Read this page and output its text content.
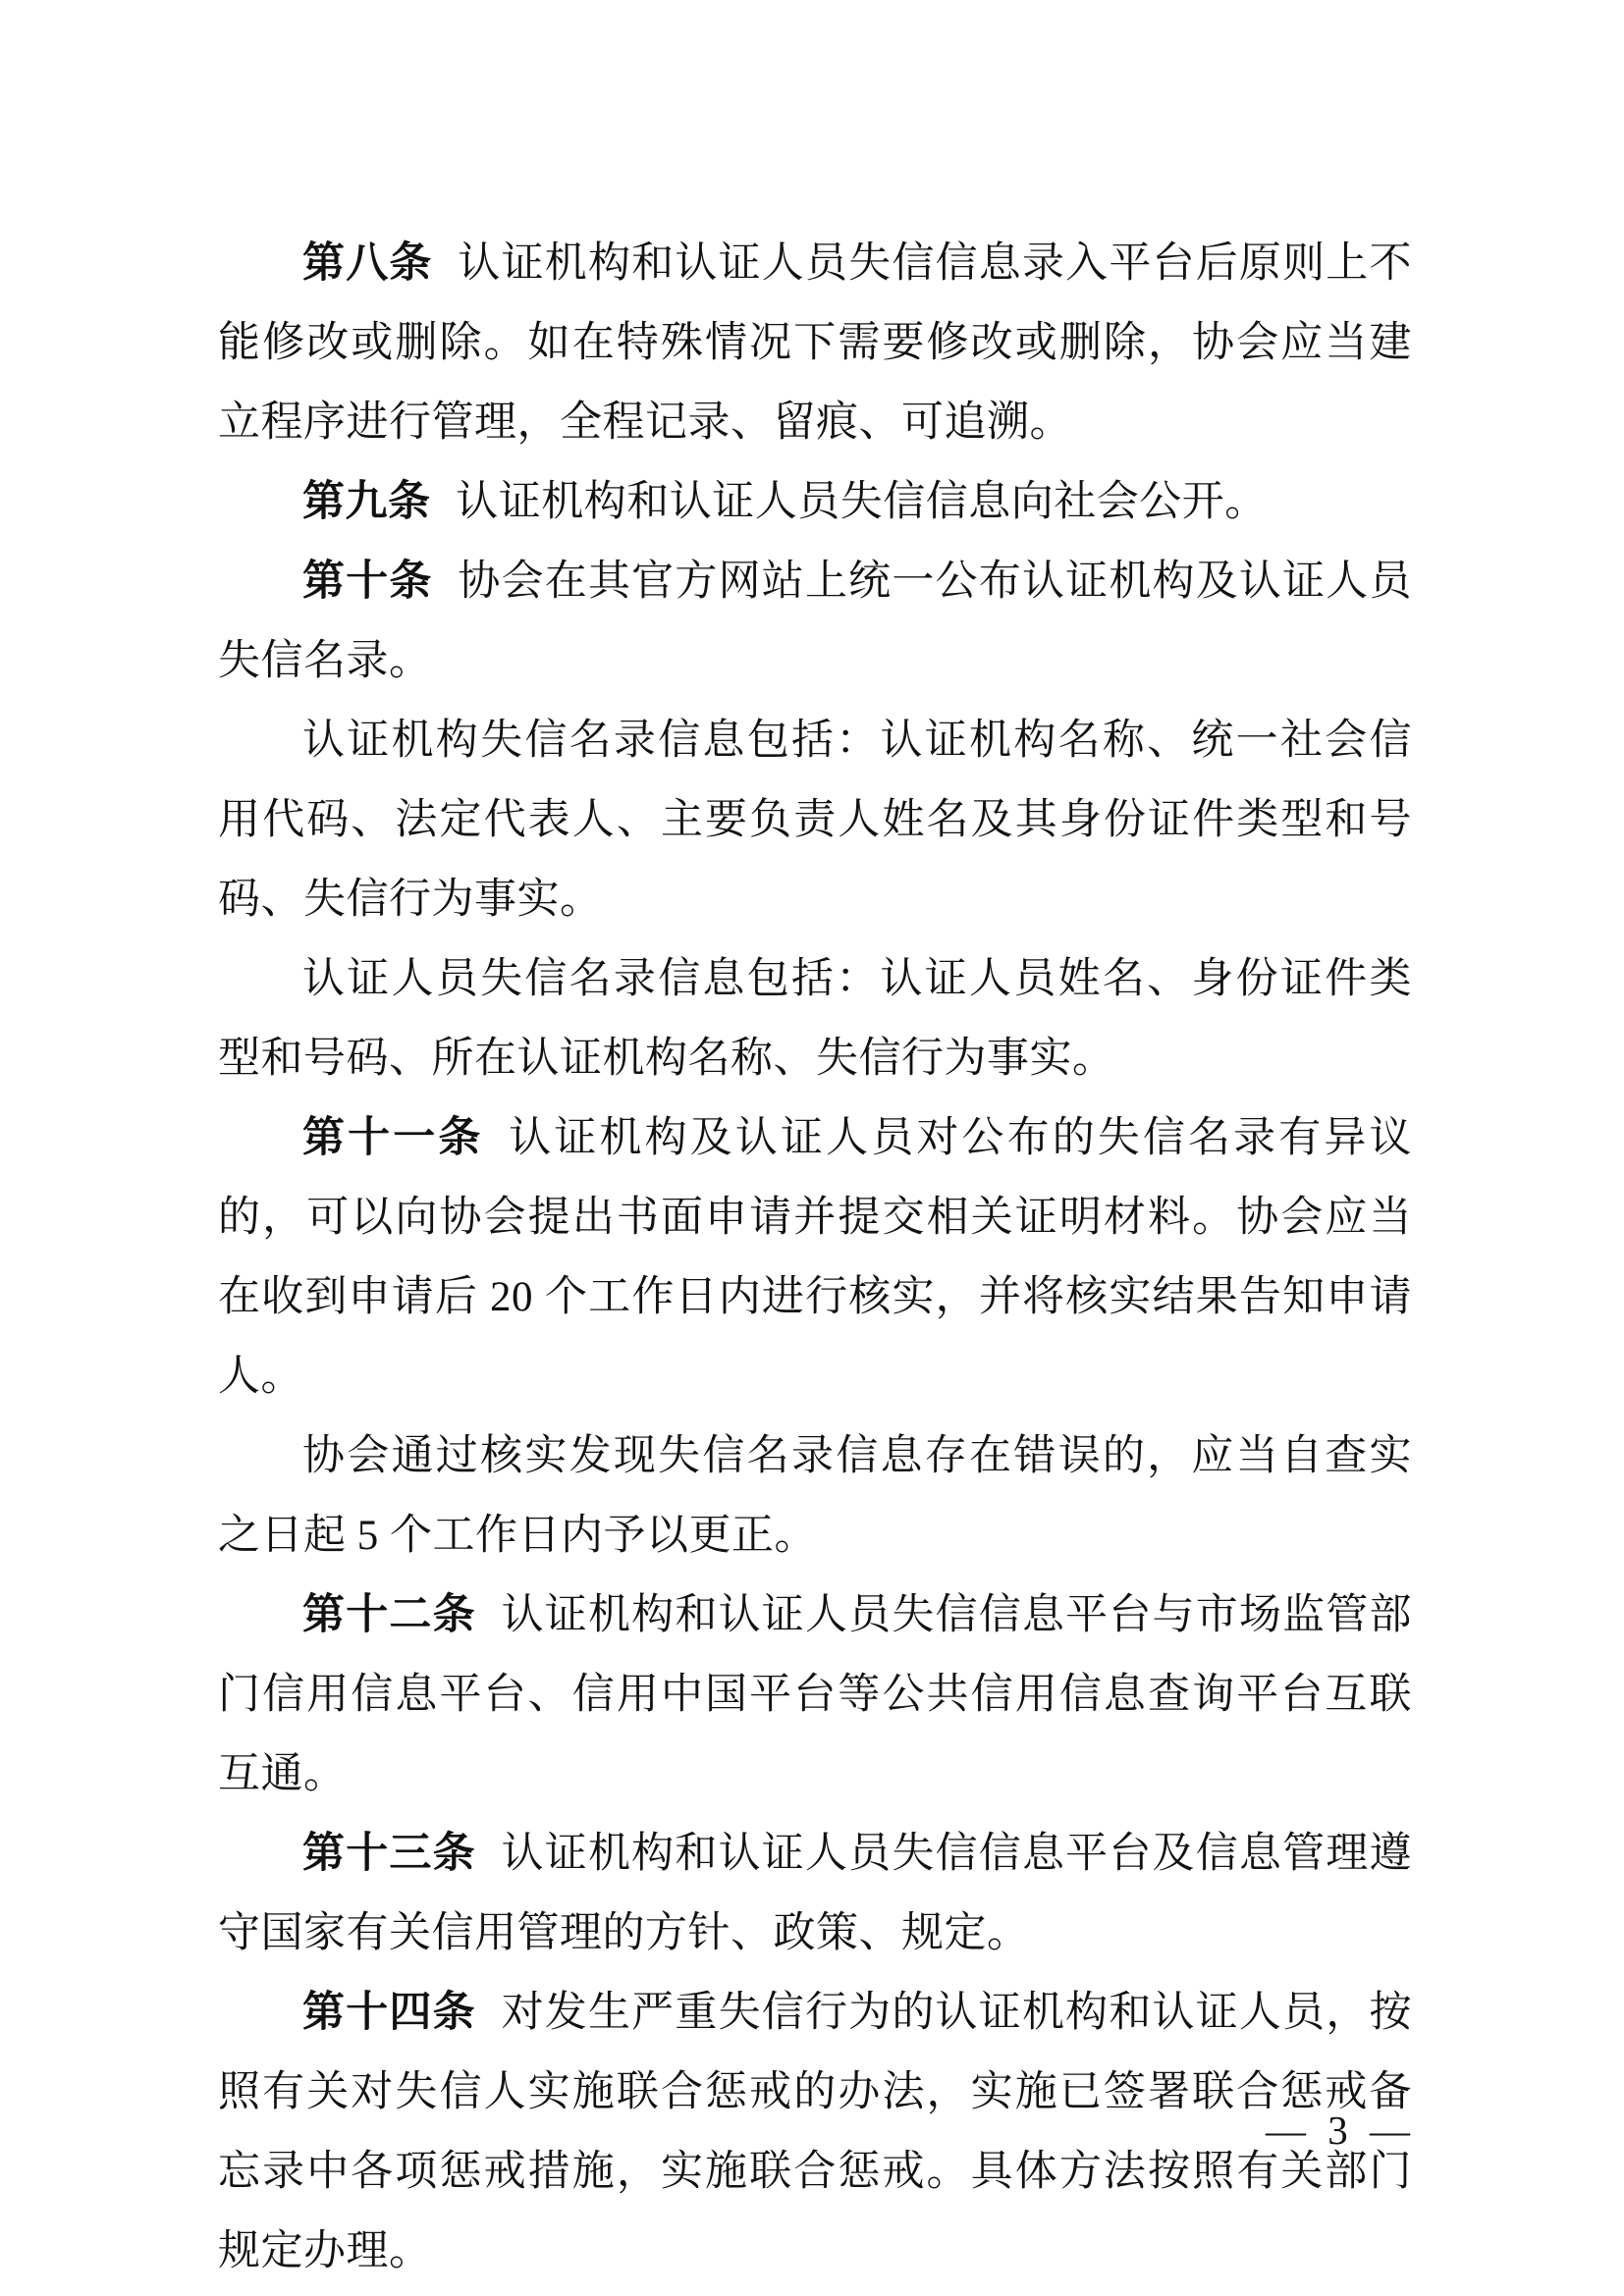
第八条 认证机构和认证人员失信信息录入平台后原则上不能修改或删除。如在特殊情况下需要修改或删除，协会应当建立程序进行管理，全程记录、留痕、可追溯。

第九条 认证机构和认证人员失信信息向社会公开。

第十条 协会在其官方网站上统一公布认证机构及认证人员失信名录。

认证机构失信名录信息包括：认证机构名称、统一社会信用代码、法定代表人、主要负责人姓名及其身份证件类型和号码、失信行为事实。

认证人员失信名录信息包括：认证人员姓名、身份证件类型和号码、所在认证机构名称、失信行为事实。

第十一条 认证机构及认证人员对公布的失信名录有异议的，可以向协会提出书面申请并提交相关证明材料。协会应当在收到申请后 20 个工作日内进行核实，并将核实结果告知申请人。

协会通过核实发现失信名录信息存在错误的，应当自查实之日起 5 个工作日内予以更正。

第十二条 认证机构和认证人员失信信息平台与市场监管部门信用信息平台、信用中国平台等公共信用信息查询平台互联互通。

第十三条 认证机构和认证人员失信信息平台及信息管理遵守国家有关信用管理的方针、政策、规定。

第十四条 对发生严重失信行为的认证机构和认证人员，按照有关对失信人实施联合惩戒的办法，实施已签署联合惩戒备忘录中各项惩戒措施，实施联合惩戒。具体方法按照有关部门规定办理。

— 3 —
